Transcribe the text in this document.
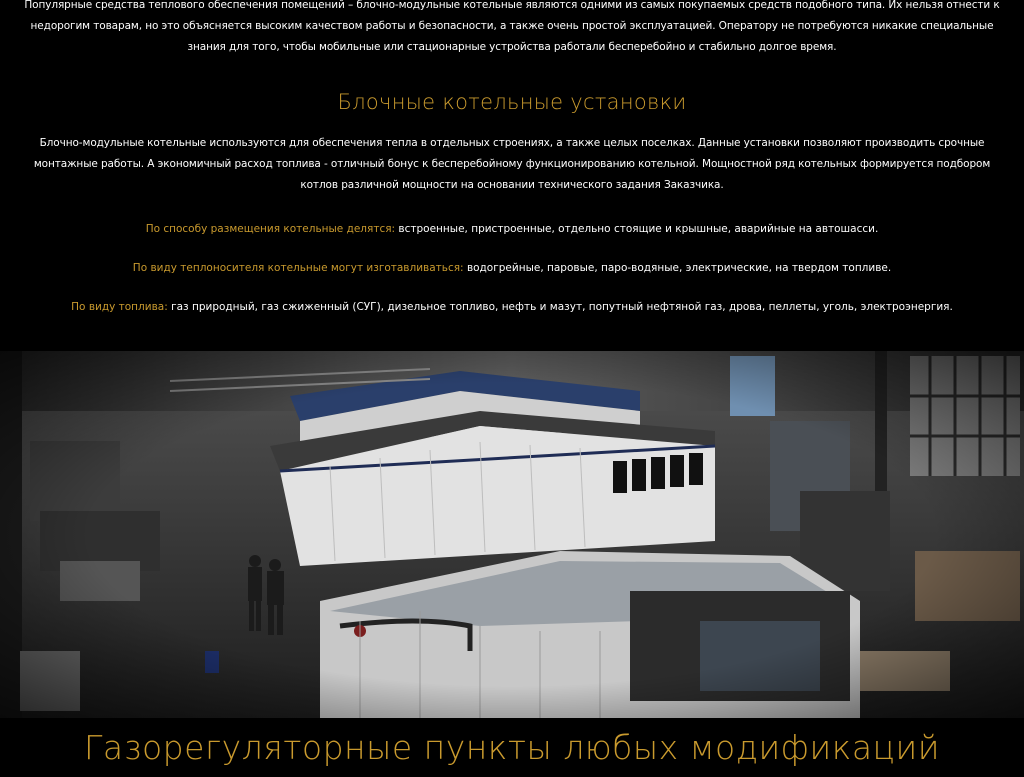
Популярные средства теплового обеспечения помещений – блочно-модульные котельные являются одними из самых покупаемых средств подобного типа. Их нельзя отнести к недорогим товарам, но это объясняется высоким качеством работы и безопасности, а также очень простой эксплуатацией. Оператору не потребуются никакие специальные знания для того, чтобы мобильные или стационарные устройства работали бесперебойно и стабильно долгое время.
Блочные котельные установки
Блочно-модульные котельные используются для обеспечения тепла в отдельных строениях, а также целых поселках. Данные установки позволяют производить срочные монтажные работы. А экономичный расход топлива - отличный бонус к бесперебойному функционированию котельной. Мощностной ряд котельных формируется подбором котлов различной мощности на основании технического задания Заказчика.
По способу размещения котельные делятся: встроенные, пристроенные, отдельно стоящие и крышные, аварийные на автошасси.
По виду теплоносителя котельные могут изготавливаться: водогрейные, паровые, паро-водяные, электрические, на твердом топливе.
По виду топлива: газ природный, газ сжиженный (СУГ), дизельное топливо, нефть и мазут, попутный нефтяной газ, дрова, пеллеты, уголь, электроэнергия.
Газорегуляторные пункты любых модификаций
